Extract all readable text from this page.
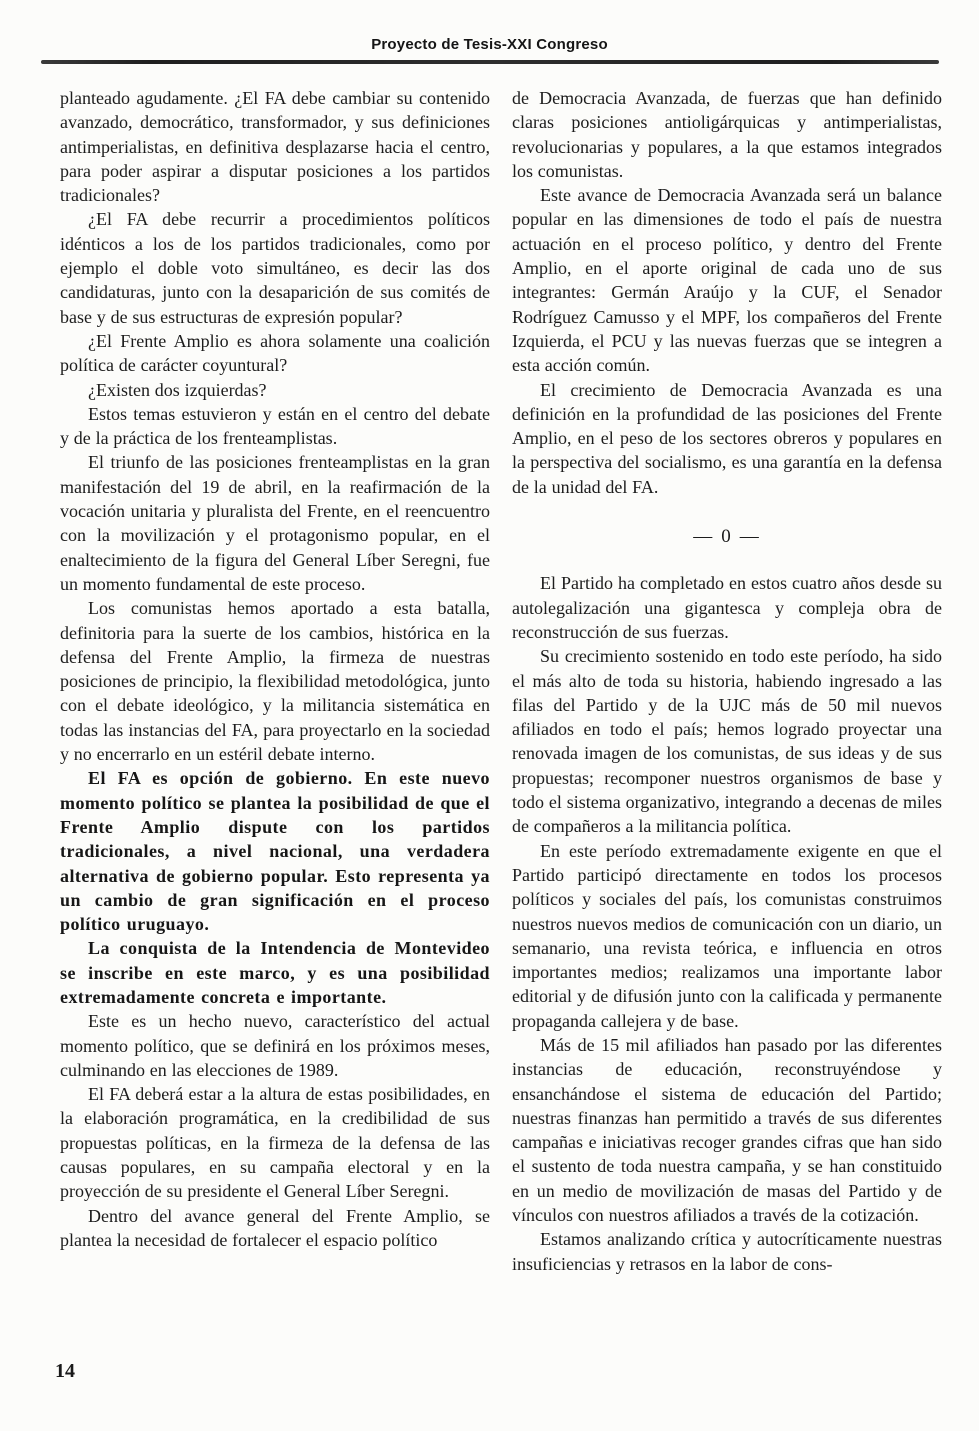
Proyecto de Tesis-XXI Congreso

planteado agudamente. ¿El FA debe cambiar su contenido avanzado, democrático, transformador, y sus definiciones antimperialistas, en definitiva desplazarse hacia el centro, para poder aspirar a disputar posiciones a los partidos tradicionales?

¿El FA debe recurrir a procedimientos políticos idénticos a los de los partidos tradicionales, como por ejemplo el doble voto simultáneo, es decir las dos candidaturas, junto con la desaparición de sus comités de base y de sus estructuras de expresión popular?

¿El Frente Amplio es ahora solamente una coalición política de carácter coyuntural?

¿Existen dos izquierdas?

Estos temas estuvieron y están en el centro del debate y de la práctica de los frenteamplistas.

El triunfo de las posiciones frenteamplistas en la gran manifestación del 19 de abril, en la reafirmación de la vocación unitaria y pluralista del Frente, en el reencuentro con la movilización y el protagonismo popular, en el enaltecimiento de la figura del General Líber Seregni, fue un momento fundamental de este proceso.

Los comunistas hemos aportado a esta batalla, definitoria para la suerte de los cambios, histórica en la defensa del Frente Amplio, la firmeza de nuestras posiciones de principio, la flexibilidad metodológica, junto con el debate ideológico, y la militancia sistemática en todas las instancias del FA, para proyectarlo en la sociedad y no encerrarlo en un estéril debate interno.

El FA es opción de gobierno. En este nuevo momento político se plantea la posibilidad de que el Frente Amplio dispute con los partidos tradicionales, a nivel nacional, una verdadera alternativa de gobierno popular. Esto representa ya un cambio de gran significación en el proceso político uruguayo.

La conquista de la Intendencia de Montevideo se inscribe en este marco, y es una posibilidad extremadamente concreta e importante.

Este es un hecho nuevo, característico del actual momento político, que se definirá en los próximos meses, culminando en las elecciones de 1989.

El FA deberá estar a la altura de estas posibilidades, en la elaboración programática, en la credibilidad de sus propuestas políticas, en la firmeza de la defensa de las causas populares, en su campaña electoral y en la proyección de su presidente el General Líber Seregni.

Dentro del avance general del Frente Amplio, se plantea la necesidad de fortalecer el espacio político

de Democracia Avanzada, de fuerzas que han definido claras posiciones antioligárquicas y antimperialistas, revolucionarias y populares, a la que estamos integrados los comunistas.

Este avance de Democracia Avanzada será un balance popular en las dimensiones de todo el país de nuestra actuación en el proceso político, y dentro del Frente Amplio, en el aporte original de cada uno de sus integrantes: Germán Araújo y la CUF, el Senador Rodríguez Camusso y el MPF, los compañeros del Frente Izquierda, el PCU y las nuevas fuerzas que se integren a esta acción común.

El crecimiento de Democracia Avanzada es una definición en la profundidad de las posiciones del Frente Amplio, en el peso de los sectores obreros y populares en la perspectiva del socialismo, es una garantía en la defensa de la unidad del FA.

— 0 —

El Partido ha completado en estos cuatro años desde su autolegalización una gigantesca y compleja obra de reconstrucción de sus fuerzas.

Su crecimiento sostenido en todo este período, ha sido el más alto de toda su historia, habiendo ingresado a las filas del Partido y de la UJC más de 50 mil nuevos afiliados en todo el país; hemos logrado proyectar una renovada imagen de los comunistas, de sus ideas y de sus propuestas; recomponer nuestros organismos de base y todo el sistema organizativo, integrando a decenas de miles de compañeros a la militancia política.

En este período extremadamente exigente en que el Partido participó directamente en todos los procesos políticos y sociales del país, los comunistas construimos nuestros nuevos medios de comunicación con un diario, un semanario, una revista teórica, e influencia en otros importantes medios; realizamos una importante labor editorial y de difusión junto con la calificada y permanente propaganda callejera y de base.

Más de 15 mil afiliados han pasado por las diferentes instancias de educación, reconstruyéndose y ensanchándose el sistema de educación del Partido; nuestras finanzas han permitido a través de sus diferentes campañas e iniciativas recoger grandes cifras que han sido el sustento de toda nuestra campaña, y se han constituido en un medio de movilización de masas del Partido y de vínculos con nuestros afiliados a través de la cotización.

Estamos analizando crítica y autocríticamente nuestras insuficiencias y retrasos en la labor de cons-

14
